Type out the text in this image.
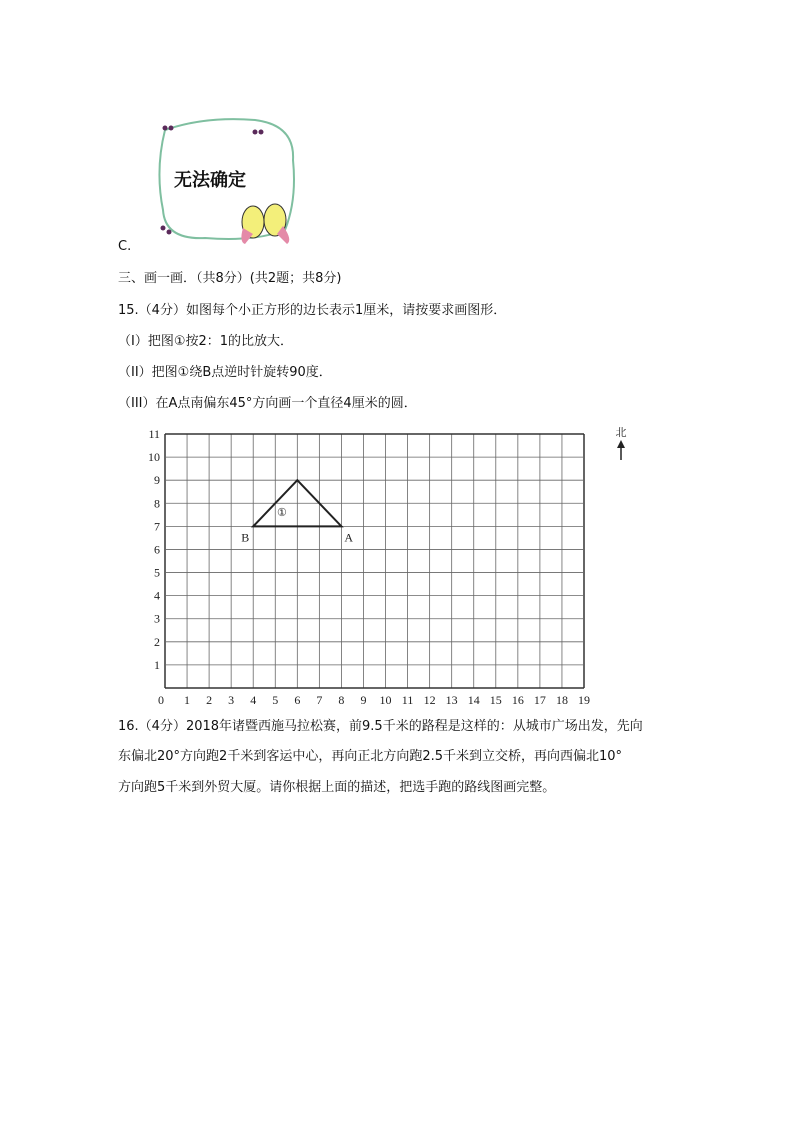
无法确定
C.
三、画一画．（共8分）(共2题；共8分)
15.（4分）如图每个小正方形的边长表示1厘米，请按要求画图形．
（I）把图①按2：1的比放大．
（II）把图①绕B点逆时针旋转90度．
（III）在A点南偏东45°方向画一个直径4厘米的圆．
0 1 2 3 4 5 6 7 8 9 10 11 12 13 14 15 16 17 18 19
1
2
3
4
5
6
7
8
9
10
11
①
B	A
北
16.（4分）2018年诸暨西施马拉松赛，前9.5千米的路程是这样的：从城市广场出发，先向
东偏北20°方向跑2千米到客运中心，再向正北方向跑2.5千米到立交桥，再向西偏北10°
方向跑5千米到外贸大厦。请你根据上面的描述，把选手跑的路线图画完整。
